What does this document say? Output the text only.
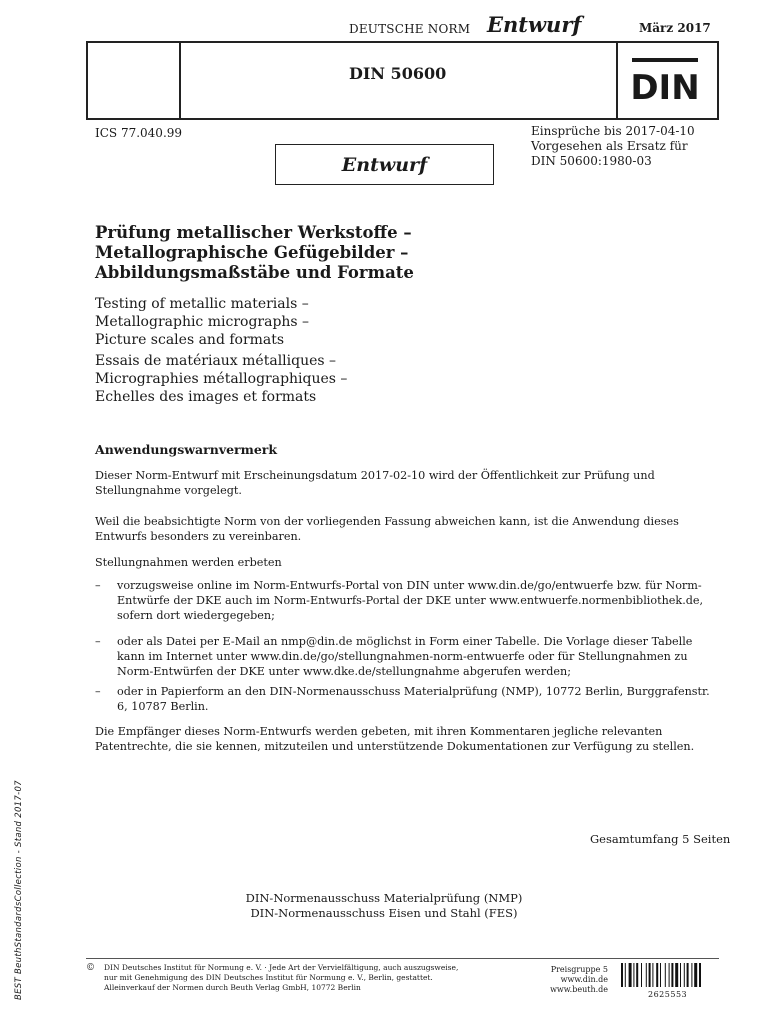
DEUTSCHE NORM Entwurf	März 2017
DIN 50600	DIN
ICS 77.040.99	Einsprüche bis 2017-04-10
Vorgesehen als Ersatz für
DIN 50600:1980-03
Entwurf
Prüfung metallischer Werkstoffe –
Metallographische Gefügebilder –
Abbildungsmaßstäbe und Formate
Testing of metallic materials –
Metallographic micrographs –
Picture scales and formats
Essais de matériaux métalliques –
Micrographies métallographiques –
Echelles des images et formats
Anwendungswarnvermerk
Dieser Norm-Entwurf mit Erscheinungsdatum 2017-02-10 wird der Öffentlichkeit zur Prüfung und Stellungnahme vorgelegt.
Weil die beabsichtigte Norm von der vorliegenden Fassung abweichen kann, ist die Anwendung dieses Entwurfs besonders zu vereinbaren.
Stellungnahmen werden erbeten
– vorzugsweise online im Norm-Entwurfs-Portal von DIN unter www.din.de/go/entwuerfe bzw. für Norm-Entwürfe der DKE auch im Norm-Entwurfs-Portal der DKE unter www.entwuerfe.normenbibliothek.de, sofern dort wiedergegeben;
– oder als Datei per E-Mail an nmp@din.de möglichst in Form einer Tabelle. Die Vorlage dieser Tabelle kann im Internet unter www.din.de/go/stellungnahmen-norm-entwuerfe oder für Stellungnahmen zu Norm-Entwürfen der DKE unter www.dke.de/stellungnahme abgerufen werden;
– oder in Papierform an den DIN-Normenausschuss Materialprüfung (NMP), 10772 Berlin, Burggrafenstr. 6, 10787 Berlin.
Die Empfänger dieses Norm-Entwurfs werden gebeten, mit ihren Kommentaren jegliche relevanten Patentrechte, die sie kennen, mitzuteilen und unterstützende Dokumentationen zur Verfügung zu stellen.
Gesamtumfang 5 Seiten
DIN-Normenausschuss Materialprüfung (NMP)
DIN-Normenausschuss Eisen und Stahl (FES)
BEST BeuthStandardsCollection - Stand 2017-07	© DIN Deutsches Institut für Normung e. V. · Jede Art der Vervielfältigung, auch auszugsweise,
nur mit Genehmigung des DIN Deutsches Institut für Normung e. V., Berlin, gestattet.
Alleinverkauf der Normen durch Beuth Verlag GmbH, 10772 Berlin
Preisgruppe 5
www.din.de
www.beuth.de
2625553
